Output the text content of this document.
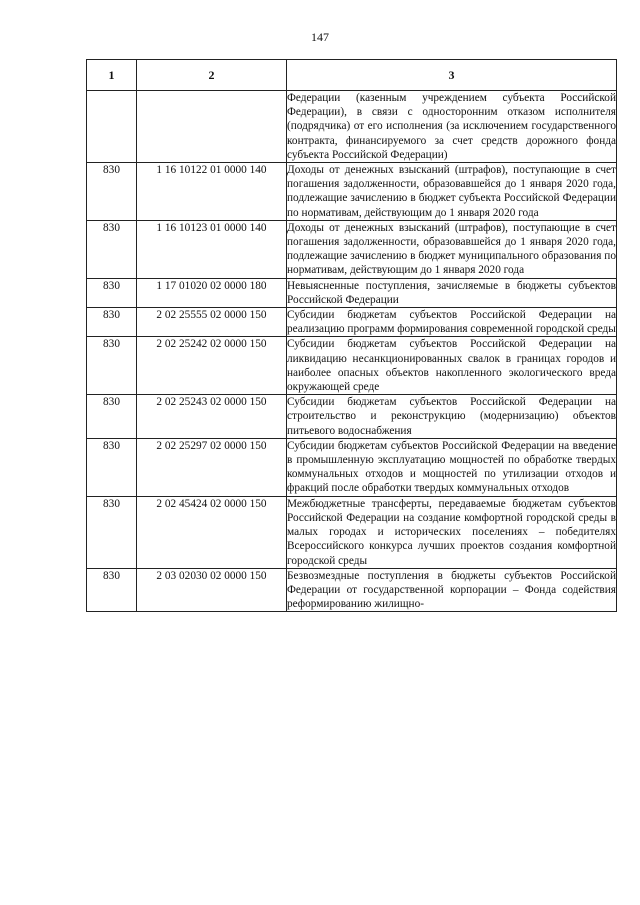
147
1	2	3
		Федерации (казенным учреждением субъекта Российской Федерации), в связи с односторонним отказом исполнителя (подрядчика) от его исполнения (за исключением государственного контракта, финансируемого за счет средств дорожного фонда субъекта Российской Федерации)
830	1 16 10122 01 0000 140	Доходы от денежных взысканий (штрафов), поступающие в счет погашения задолженности, образовавшейся до 1 января 2020 года, подлежащие зачислению в бюджет субъекта Российской Федерации по нормативам, действующим до 1 января 2020 года
830	1 16 10123 01 0000 140	Доходы от денежных взысканий (штрафов), поступающие в счет погашения задолженности, образовавшейся до 1 января 2020 года, подлежащие зачислению в бюджет муниципального образования по нормативам, действующим до 1 января 2020 года
830	1 17 01020 02 0000 180	Невыясненные поступления, зачисляемые в бюджеты субъектов Российской Федерации
830	2 02 25555 02 0000 150	Субсидии бюджетам субъектов Российской Федерации на реализацию программ формирования современной городской среды
830	2 02 25242 02 0000 150	Субсидии бюджетам субъектов Российской Федерации на ликвидацию несанкционированных свалок в границах городов и наиболее опасных объектов накопленного экологического вреда окружающей среде
830	2 02 25243 02 0000 150	Субсидии бюджетам субъектов Российской Федерации на строительство и реконструкцию (модернизацию) объектов питьевого водоснабжения
830	2 02 25297 02 0000 150	Субсидии бюджетам субъектов Российской Федерации на введение в промышленную эксплуатацию мощностей по обработке твердых коммунальных отходов и мощностей по утилизации отходов и фракций после обработки твердых коммунальных отходов
830	2 02 45424 02 0000 150	Межбюджетные трансферты, передаваемые бюджетам субъектов Российской Федерации на создание комфортной городской среды в малых городах и исторических поселениях – победителях Всероссийского конкурса лучших проектов создания комфортной городской среды
830	2 03 02030 02 0000 150	Безвозмездные поступления в бюджеты субъектов Российской Федерации от государственной корпорации – Фонда содействия реформированию жилищно-
